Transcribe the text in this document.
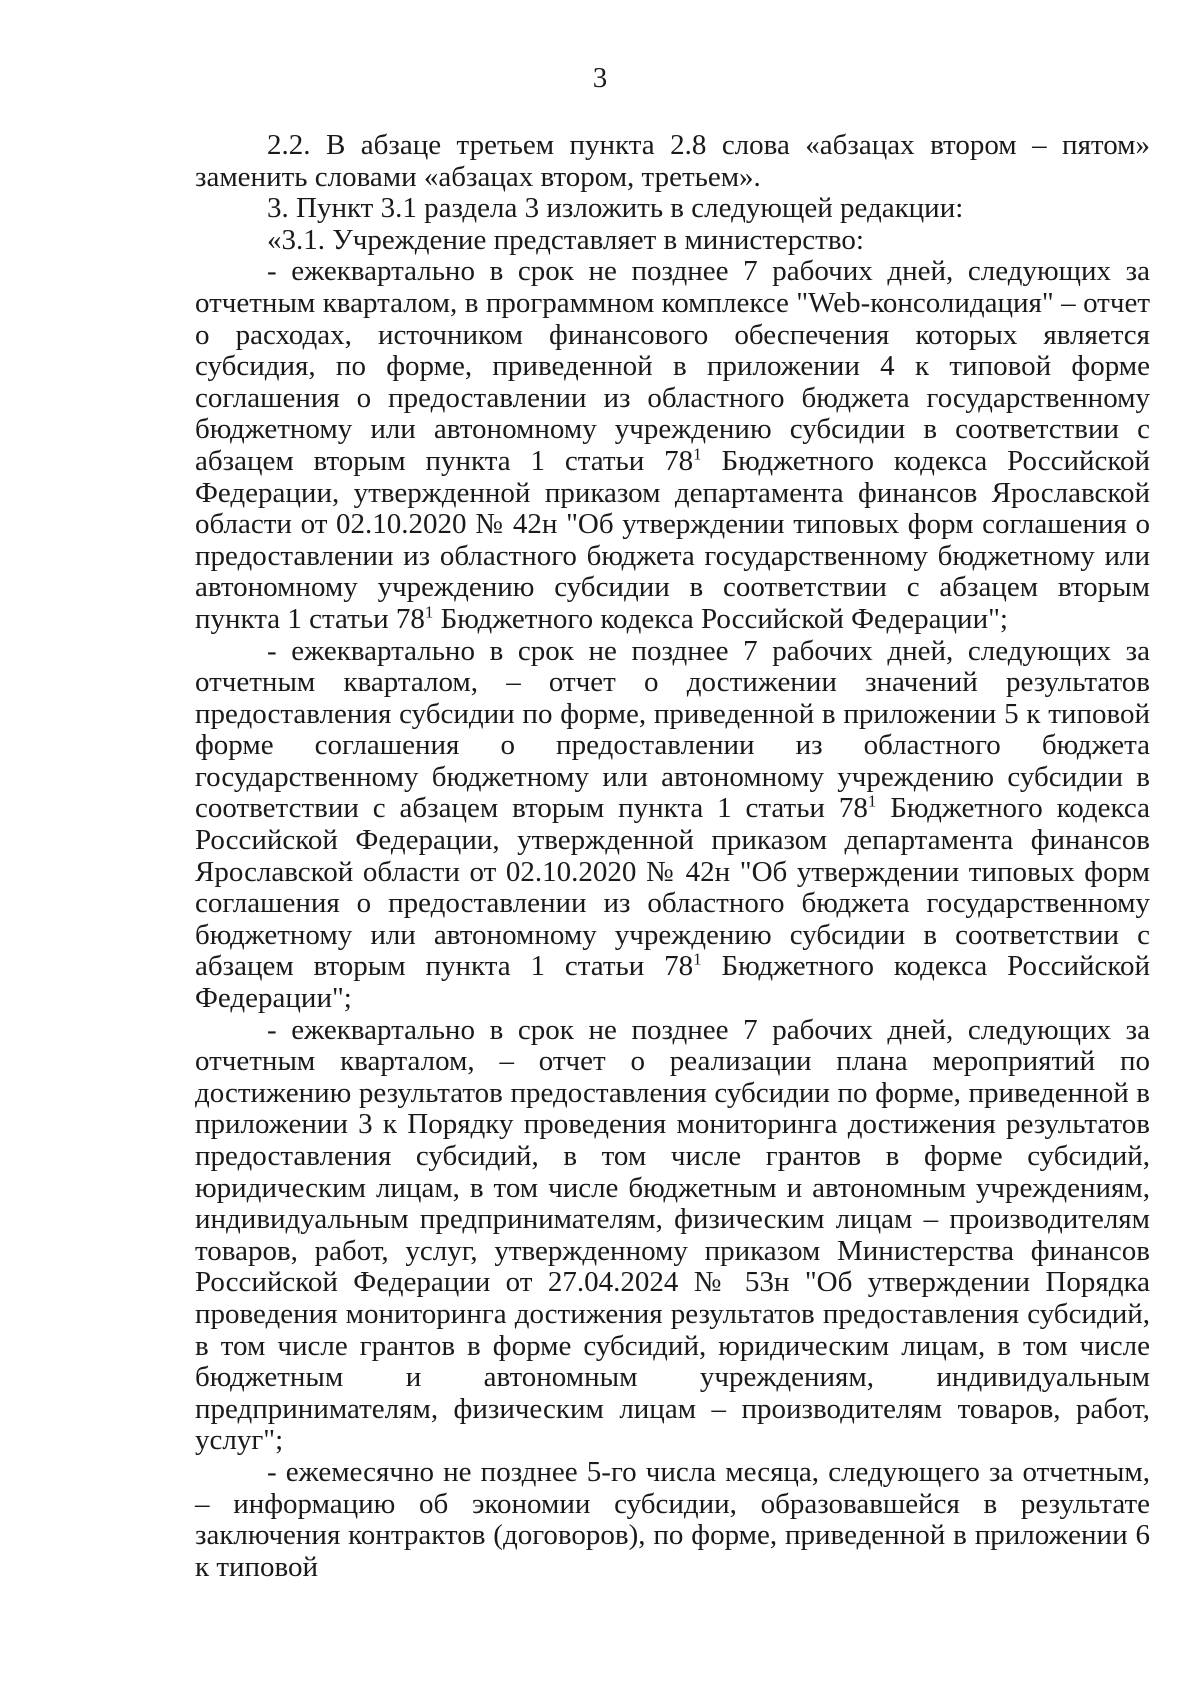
3

2.2. В абзаце третьем пункта 2.8 слова «абзацах втором – пятом» заменить словами «абзацах втором, третьем».

3. Пункт 3.1 раздела 3 изложить в следующей редакции:

«3.1. Учреждение представляет в министерство:

- ежеквартально в срок не позднее 7 рабочих дней, следующих за отчетным кварталом, в программном комплексе "Web-консолидация" – отчет о расходах, источником финансового обеспечения которых является субсидия, по форме, приведенной в приложении 4 к типовой форме соглашения о предоставлении из областного бюджета государственному бюджетному или автономному учреждению субсидии в соответствии с абзацем вторым пункта 1 статьи $78^1$ Бюджетного кодекса Российской Федерации, утвержденной приказом департамента финансов Ярославской области от 02.10.2020 № 42н "Об утверждении типовых форм соглашения о предоставлении из областного бюджета государственному бюджетному или автономному учреждению субсидии в соответствии с абзацем вторым пункта 1 статьи $78^1$ Бюджетного кодекса Российской Федерации";

- ежеквартально в срок не позднее 7 рабочих дней, следующих за отчетным кварталом, – отчет о достижении значений результатов предоставления субсидии по форме, приведенной в приложении 5 к типовой форме соглашения о предоставлении из областного бюджета государственному бюджетному или автономному учреждению субсидии в соответствии с абзацем вторым пункта 1 статьи $78^1$ Бюджетного кодекса Российской Федерации, утвержденной приказом департамента финансов Ярославской области от 02.10.2020 № 42н "Об утверждении типовых форм соглашения о предоставлении из областного бюджета государственному бюджетному или автономному учреждению субсидии в соответствии с абзацем вторым пункта 1 статьи $78^1$ Бюджетного кодекса Российской Федерации";

- ежеквартально в срок не позднее 7 рабочих дней, следующих за отчетным кварталом, – отчет о реализации плана мероприятий по достижению результатов предоставления субсидии по форме, приведенной в приложении 3 к Порядку проведения мониторинга достижения результатов предоставления субсидий, в том числе грантов в форме субсидий, юридическим лицам, в том числе бюджетным и автономным учреждениям, индивидуальным предпринимателям, физическим лицам – производителям товаров, работ, услуг, утвержденному приказом Министерства финансов Российской Федерации от 27.04.2024 № 53н "Об утверждении Порядка проведения мониторинга достижения результатов предоставления субсидий, в том числе грантов в форме субсидий, юридическим лицам, в том числе бюджетным и автономным учреждениям, индивидуальным предпринимателям, физическим лицам – производителям товаров, работ, услуг";

- ежемесячно не позднее 5-го числа месяца, следующего за отчетным, – информацию об экономии субсидии, образовавшейся в результате заключения контрактов (договоров), по форме, приведенной в приложении 6 к типовой
